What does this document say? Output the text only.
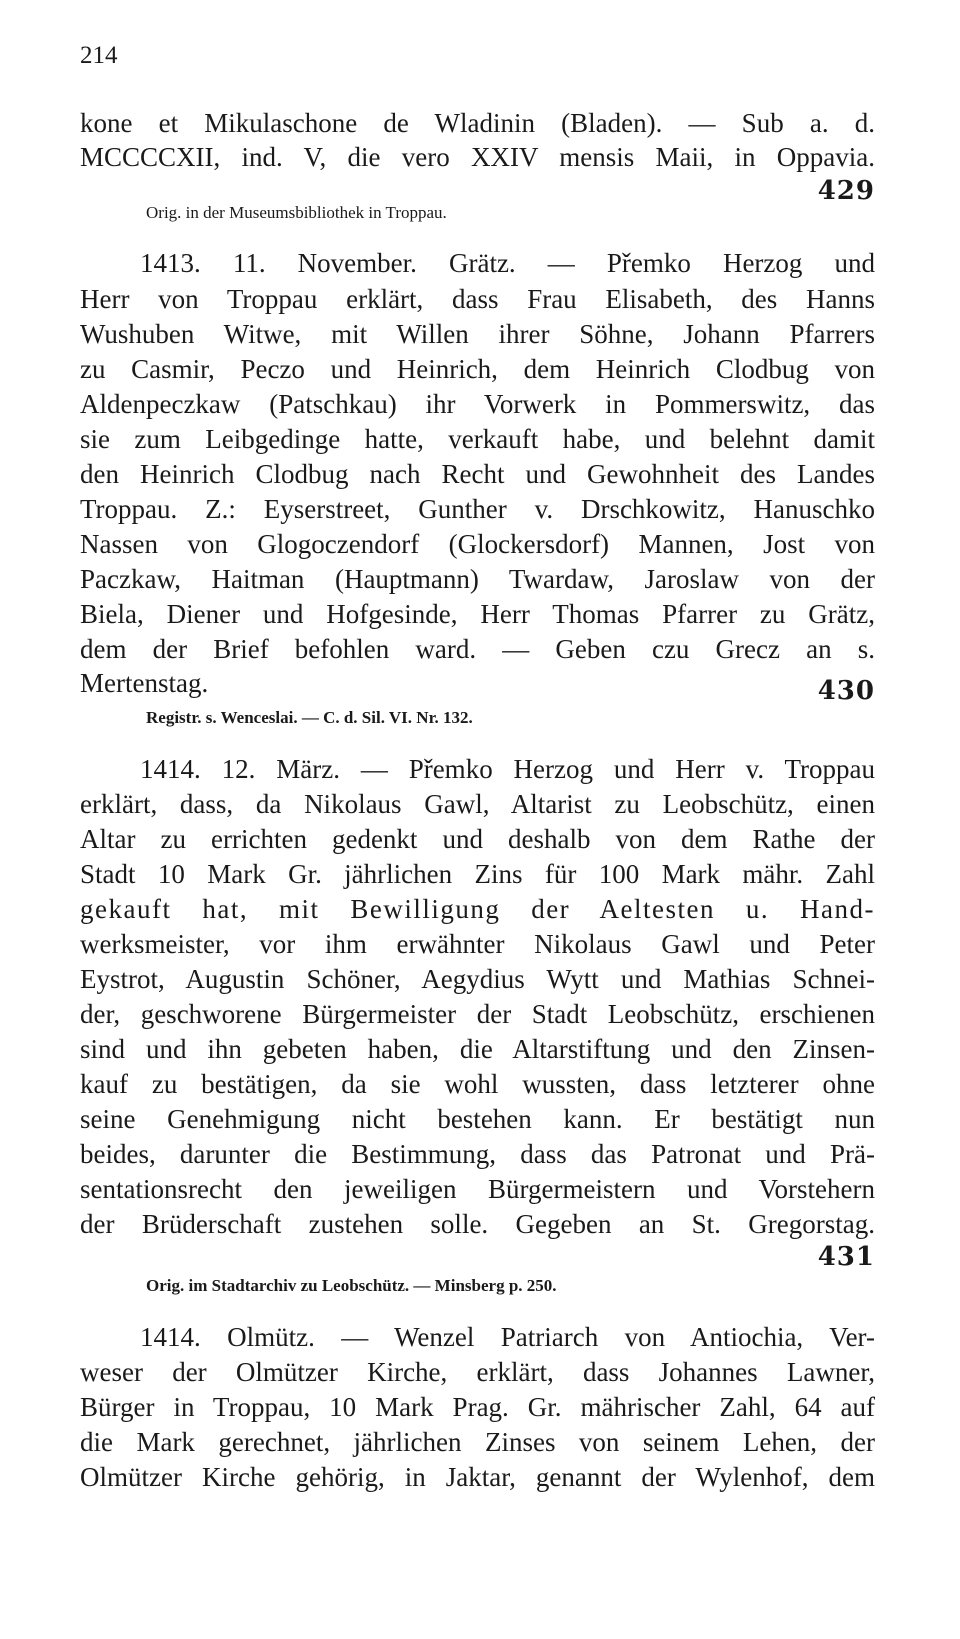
214
kone et Mikulaschone de Wladinin (Bladen). — Sub a. d.
MCCCCXII, ind. V, die vero XXIV mensis Maii, in Oppavia.
Orig. in der Museumsbibliothek in Troppau.
429
1413. 11. November. Grätz. — Přemko Herzog und
Herr von Troppau erklärt, dass Frau Elisabeth, des Hanns
Wushuben Witwe, mit Willen ihrer Söhne, Johann Pfarrers
zu Casmir, Peczo und Heinrich, dem Heinrich Clodbug von
Aldenpeczkaw (Patschkau) ihr Vorwerk in Pommerswitz, das
sie zum Leibgedinge hatte, verkauft habe, und belehnt damit
den Heinrich Clodbug nach Recht und Gewohnheit des Landes
Troppau. Z.: Eyserstreet, Gunther v. Drschkowitz, Hanuschko
Nassen von Glogoczendorf (Glockersdorf) Mannen, Jost von
Paczkaw, Haitman (Hauptmann) Twardaw, Jaroslaw von der
Biela, Diener und Hofgesinde, Herr Thomas Pfarrer zu Grätz,
dem der Brief befohlen ward. — Geben czu Grecz an s.
Mertenstag.	430
Registr. s. Wenceslai. — C. d. Sil. VI. Nr. 132.
1414. 12. März. — Přemko Herzog und Herr v. Troppau
erklärt, dass, da Nikolaus Gawl, Altarist zu Leobschütz, einen
Altar zu errichten gedenkt und deshalb von dem Rathe der
Stadt 10 Mark Gr. jährlichen Zins für 100 Mark mähr. Zahl
gekauft hat, mit Bewilligung der Aeltesten u. Hand-
werksmeister, vor ihm erwähnter Nikolaus Gawl und Peter
Eystrot, Augustin Schöner, Aegydius Wytt und Mathias Schnei-
der, geschworene Bürgermeister der Stadt Leobschütz, erschienen
sind und ihn gebeten haben, die Altarstiftung und den Zinsen-
kauf zu bestätigen, da sie wohl wussten, dass letzterer ohne
seine Genehmigung nicht bestehen kann. Er bestätigt nun
beides, darunter die Bestimmung, dass das Patronat und Prä-
sentationsrecht den jeweiligen Bürgermeistern und Vorstehern
der Brüderschaft zustehen solle. Gegeben an St. Gregorstag.
431
Orig. im Stadtarchiv zu Leobschütz. — Minsberg p. 250.
1414. Olmütz. — Wenzel Patriarch von Antiochia, Ver-
weser der Olmützer Kirche, erklärt, dass Johannes Lawner,
Bürger in Troppau, 10 Mark Prag. Gr. mährischer Zahl, 64 auf
die Mark gerechnet, jährlichen Zinses von seinem Lehen, der
Olmützer Kirche gehörig, in Jaktar, genannt der Wylenhof, dem
